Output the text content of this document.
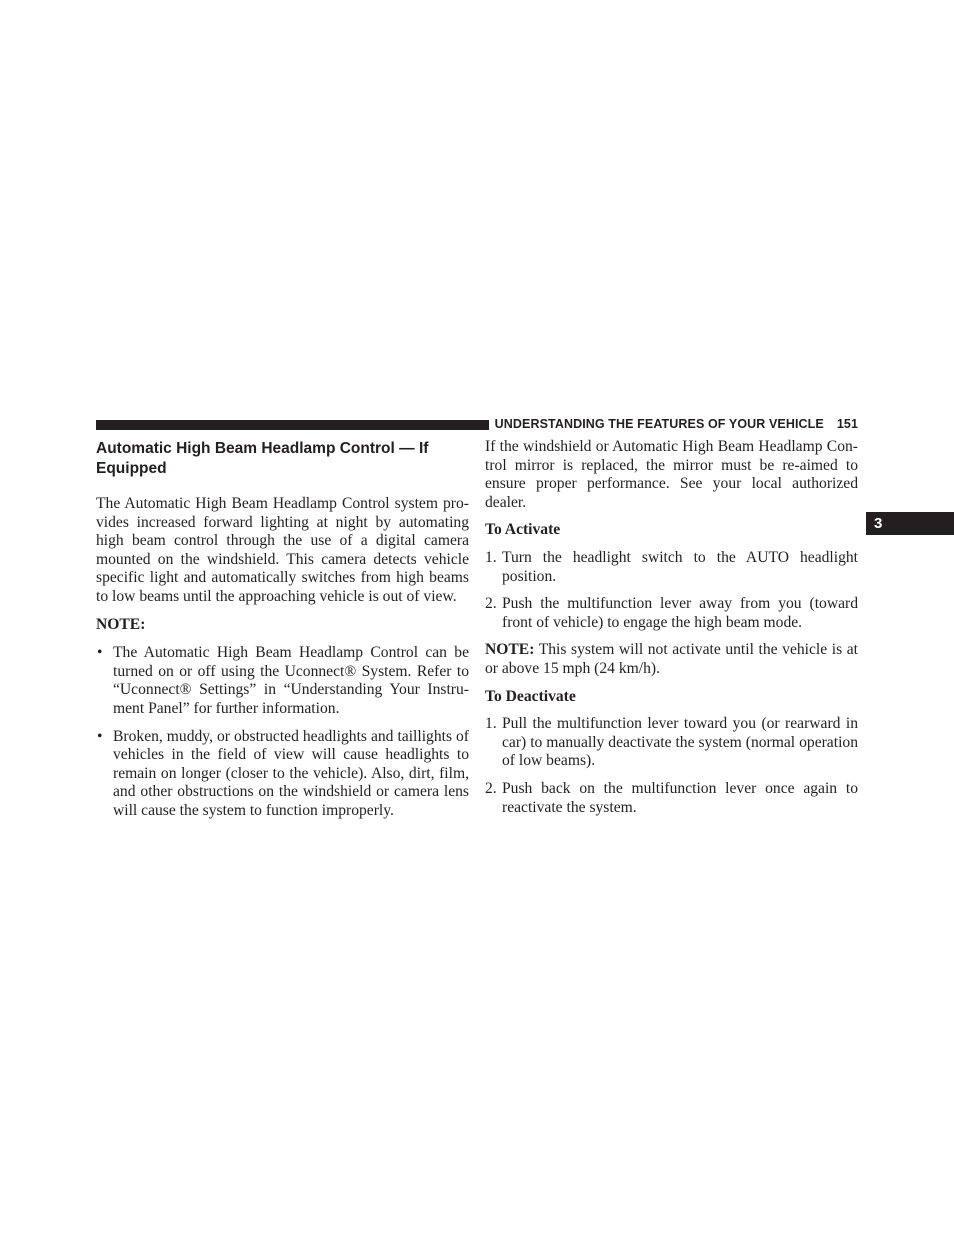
UNDERSTANDING THE FEATURES OF YOUR VEHICLE 151
3
Automatic High Beam Headlamp Control — If Equipped

The Automatic High Beam Headlamp Control system provides increased forward lighting at night by automating high beam control through the use of a digital camera mounted on the windshield. This camera detects vehicle specific light and automatically switches from high beams to low beams until the approaching vehicle is out of view.

NOTE:

• The Automatic High Beam Headlamp Control can be turned on or off using the Uconnect® System. Refer to “Uconnect® Settings” in “Understanding Your Instrument Panel” for further information.
• Broken, muddy, or obstructed headlights and taillights of vehicles in the field of view will cause headlights to remain on longer (closer to the vehicle). Also, dirt, film, and other obstructions on the windshield or camera lens will cause the system to function improperly.

If the windshield or Automatic High Beam Headlamp Control mirror is replaced, the mirror must be re-aimed to ensure proper performance. See your local authorized dealer.

To Activate
1. Turn the headlight switch to the AUTO headlight position.
2. Push the multifunction lever away from you (toward front of vehicle) to engage the high beam mode.

NOTE: This system will not activate until the vehicle is at or above 15 mph (24 km/h).

To Deactivate
1. Pull the multifunction lever toward you (or rearward in car) to manually deactivate the system (normal operation of low beams).
2. Push back on the multifunction lever once again to reactivate the system.
